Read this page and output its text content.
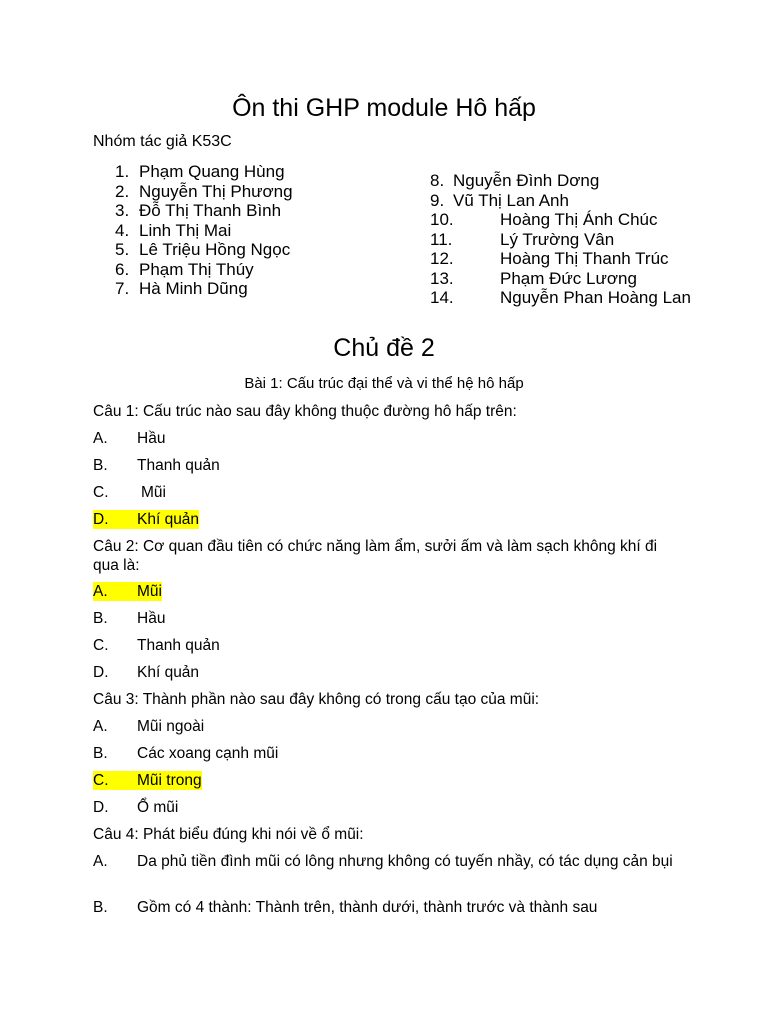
Ôn thi GHP module Hô hấp
Nhóm tác giả K53C
1. Phạm Quang Hùng
2. Nguyễn Thị Phương
3. Đỗ Thị Thanh Bình
4. Linh Thị Mai
5. Lê Triệu Hồng Ngọc
6. Phạm Thị Thúy
7. Hà Minh Dũng
8. Nguyễn Đình Dơng
9. Vũ Thị Lan Anh
10.	Hoàng Thị Ánh Chúc
11.	Lý Trường Vân
12.	Hoàng Thị Thanh Trúc
13.	Phạm Đức Lương
14.	Nguyễn Phan Hoàng Lan
Chủ đề 2
Bài 1: Cấu trúc đại thể và vi thể hệ hô hấp
Câu 1: Cấu trúc nào sau đây không thuộc đường hô hấp trên:
A. Hầu
B. Thanh quản
C. Mũi
D. Khí quản
Câu 2: Cơ quan đầu tiên có chức năng làm ẩm, sưởi ấm và làm sạch không khí đi qua là:
A. Mũi
B. Hầu
C. Thanh quản
D. Khí quản
Câu 3: Thành phần nào sau đây không có trong cấu tạo của mũi:
A. Mũi ngoài
B. Các xoang cạnh mũi
C. Mũi trong
D. Ổ mũi
Câu 4: Phát biểu đúng khi nói về ổ mũi:
A. Da phủ tiền đình mũi có lông nhưng không có tuyến nhầy, có tác dụng cản bụi
B. Gồm có 4 thành: Thành trên, thành dưới, thành trước và thành sau
